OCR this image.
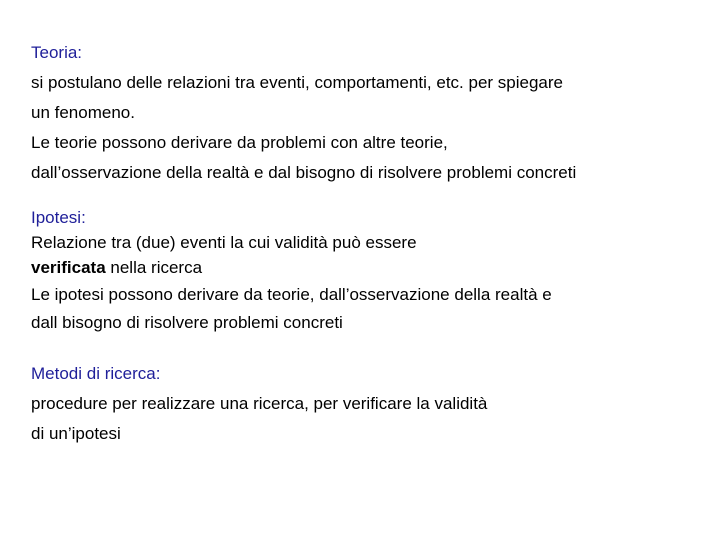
Teoria:
si postulano delle relazioni tra eventi, comportamenti, etc. per spiegare
un fenomeno.
Le teorie possono derivare da problemi con altre teorie,
dall’osservazione della realtà e dal bisogno di risolvere problemi concreti
Ipotesi:
Relazione tra (due) eventi la cui validità può essere
verificata nella ricerca
Le ipotesi possono derivare da teorie, dall’osservazione della realtà e
dall bisogno di risolvere problemi concreti
Metodi di ricerca:
procedure per realizzare una ricerca, per verificare la validità
di un’ipotesi
